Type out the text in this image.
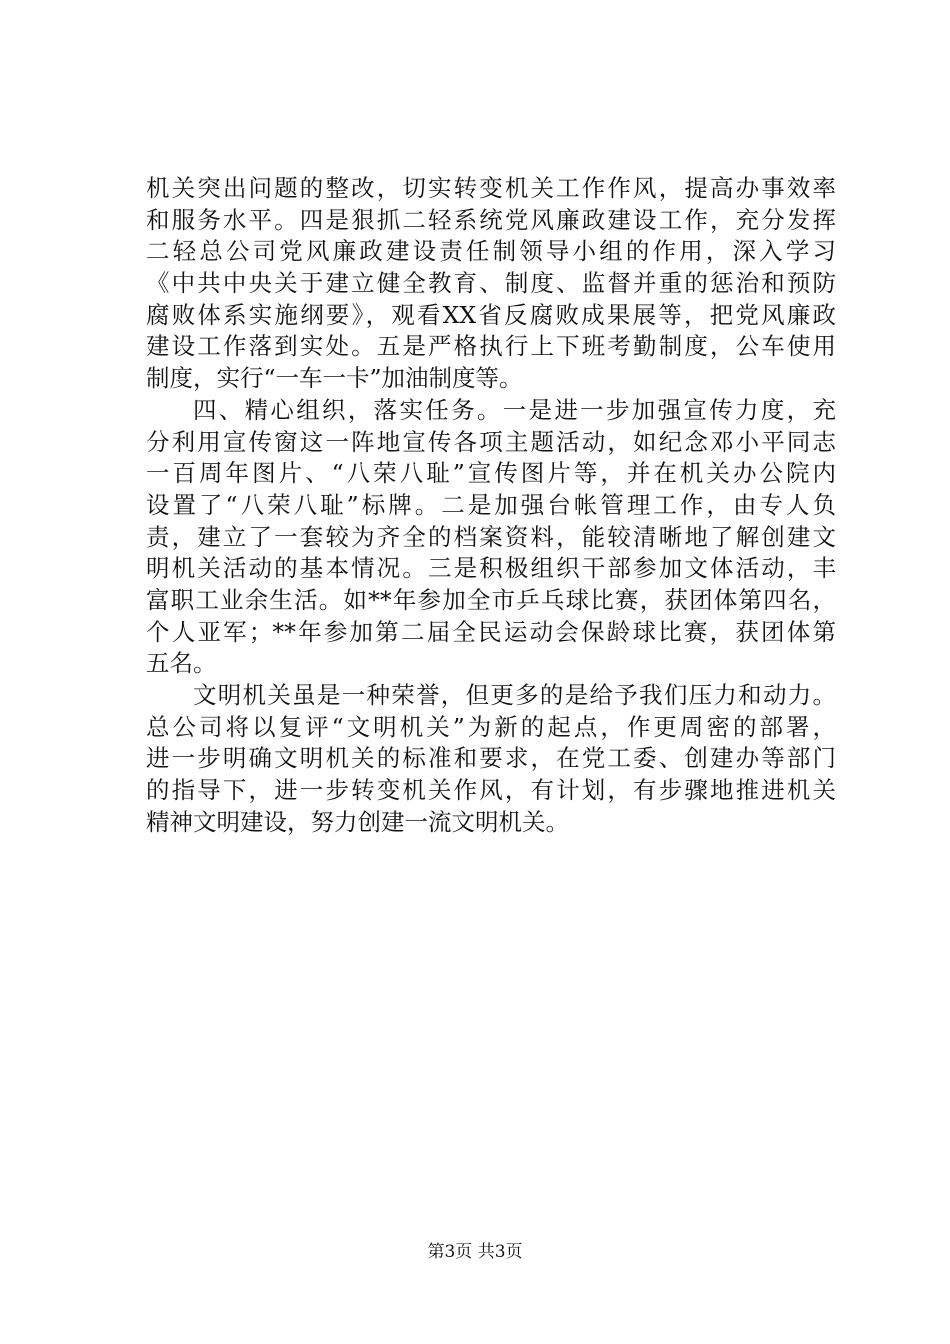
机关突出问题的整改，切实转变机关工作作风，提高办事效率
和服务水平。四是狠抓二轻系统党风廉政建设工作，充分发挥
二轻总公司党风廉政建设责任制领导小组的作用，深入学习
《中共中央关于建立健全教育、制度、监督并重的惩治和预防
腐败体系实施纲要》，观看XX省反腐败成果展等，把党风廉政
建设工作落到实处。五是严格执行上下班考勤制度，公车使用
制度，实行“一车一卡”加油制度等。
四、精心组织，落实任务。一是进一步加强宣传力度，充
分利用宣传窗这一阵地宣传各项主题活动，如纪念邓小平同志
一百周年图片、“八荣八耻”宣传图片等，并在机关办公院内
设置了“八荣八耻”标牌。二是加强台帐管理工作，由专人负
责，建立了一套较为齐全的档案资料，能较清晰地了解创建文
明机关活动的基本情况。三是积极组织干部参加文体活动，丰
富职工业余生活。如**年参加全市乒乓球比赛，获团体第四名，
个人亚军；**年参加第二届全民运动会保龄球比赛，获团体第
五名。
文明机关虽是一种荣誉，但更多的是给予我们压力和动力。
总公司将以复评“文明机关”为新的起点，作更周密的部署，
进一步明确文明机关的标准和要求，在党工委、创建办等部门
的指导下，进一步转变机关作风，有计划，有步骤地推进机关
精神文明建设，努力创建一流文明机关。
第3页 共3页
